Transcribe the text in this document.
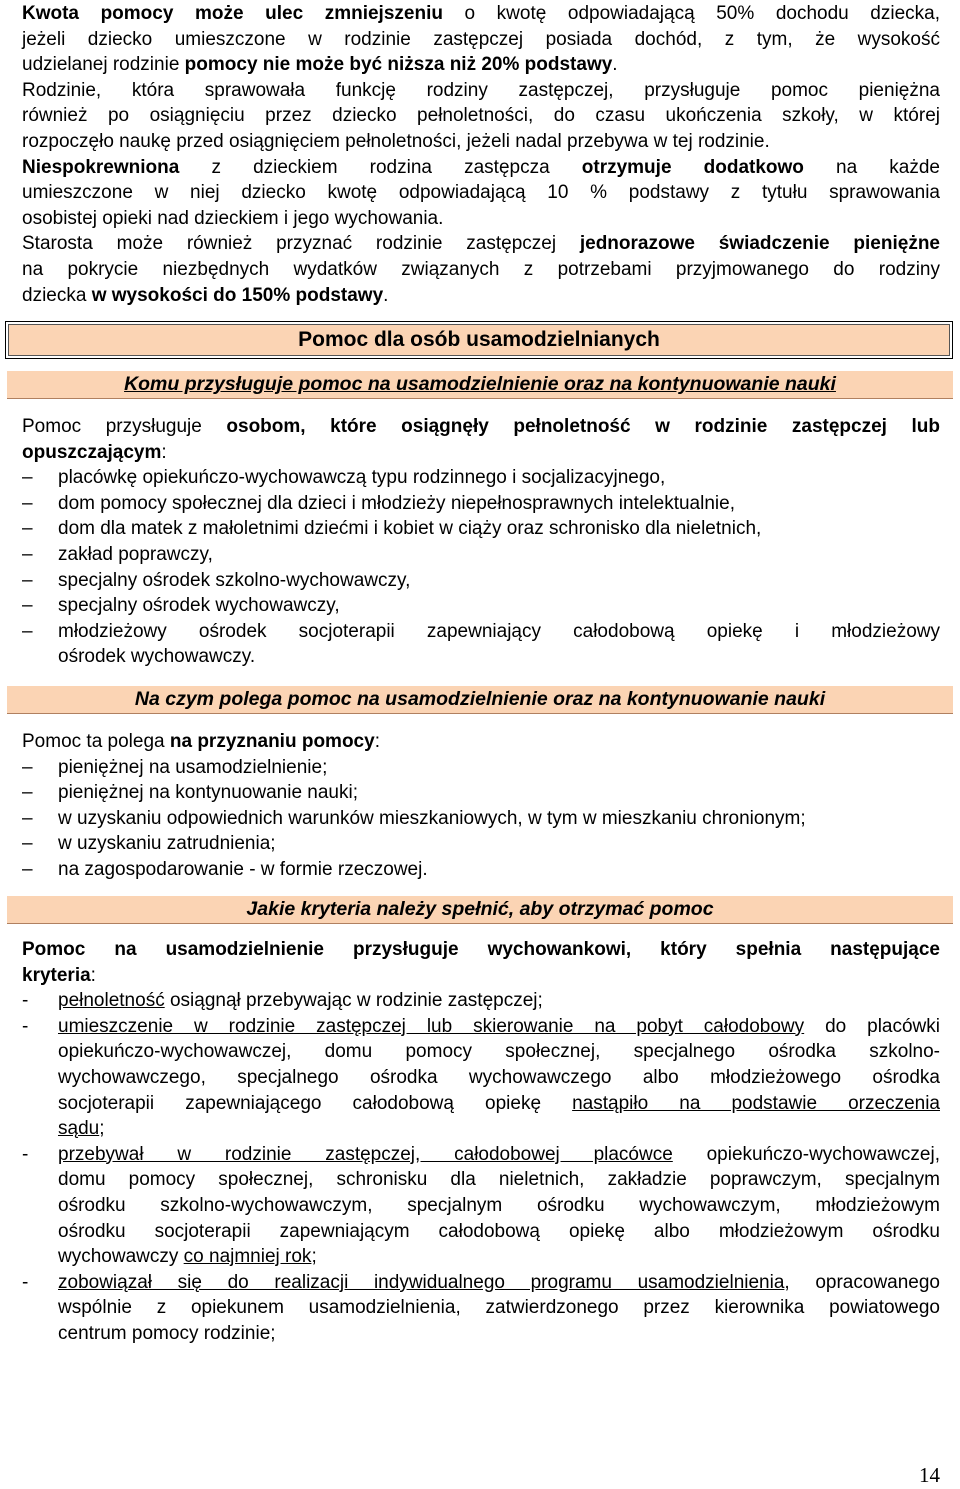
Kwota pomocy może ulec zmniejszeniu o kwotę odpowiadającą 50% dochodu dziecka,

jeżeli dziecko umieszczone w rodzinie zastępczej posiada dochód, z tym, że wysokość

udzielanej rodzinie pomocy nie może być niższa niż 20% podstawy.

Rodzinie, która sprawowała funkcję rodziny zastępczej, przysługuje pomoc pieniężna

również po osiągnięciu przez dziecko pełnoletności, do czasu ukończenia szkoły, w której

rozpoczęło naukę przed osiągnięciem pełnoletności, jeżeli nadal przebywa w tej rodzinie.

Niespokrewniona z dzieckiem rodzina zastępcza otrzymuje dodatkowo na każde

umieszczone w niej dziecko kwotę odpowiadającą 10 % podstawy z tytułu sprawowania

osobistej opieki nad dzieckiem i jego wychowania.

Starosta może również przyznać rodzinie zastępczej jednorazowe świadczenie pieniężne

na pokrycie niezbędnych wydatków związanych z potrzebami przyjmowanego do rodziny

dziecka w wysokości do 150% podstawy.

Pomoc dla osób usamodzielnianych
Komu przysługuje pomoc na usamodzielnienie oraz na kontynuowanie nauki

Pomoc przysługuje osobom, które osiągnęły pełnoletność w rodzinie zastępczej lub

opuszczającym:

–	placówkę opiekuńczo-wychowawczą typu rodzinnego i socjalizacyjnego,
–	dom pomocy społecznej dla dzieci i młodzieży niepełnosprawnych intelektualnie,
–	dom dla matek z małoletnimi dziećmi i kobiet w ciąży oraz schronisko dla nieletnich,
–	zakład poprawczy,
–	specjalny ośrodek szkolno-wychowawczy,
–	specjalny ośrodek wychowawczy,
–	młodzieżowy ośrodek socjoterapii zapewniający całodobową opiekę i młodzieżowy
ośrodek wychowawczy.
Na czym polega pomoc na usamodzielnienie oraz na kontynuowanie nauki

Pomoc ta polega na przyznaniu pomocy:

–	pieniężnej na usamodzielnienie;
–	pieniężnej na kontynuowanie nauki;
–	w uzyskaniu odpowiednich warunków mieszkaniowych, w tym w mieszkaniu chronionym;
–	w uzyskaniu zatrudnienia;
–	na zagospodarowanie - w formie rzeczowej.
Jakie kryteria należy spełnić, aby otrzymać pomoc

Pomoc na usamodzielnienie przysługuje wychowankowi, który spełnia następujące

kryteria:

-	pełnoletność osiągnął przebywając w rodzinie zastępczej;
-	umieszczenie w rodzinie zastępczej lub skierowanie na pobyt całodobowy do placówki
opiekuńczo-wychowawczej, domu pomocy społecznej, specjalnego ośrodka szkolno-
wychowawczego, specjalnego ośrodka wychowawczego albo młodzieżowego ośrodka
socjoterapii zapewniającego całodobową opiekę nastąpiło na podstawie orzeczenia
sądu;
-	przebywał w rodzinie zastępczej, całodobowej placówce opiekuńczo-wychowawczej,
domu pomocy społecznej, schronisku dla nieletnich, zakładzie poprawczym, specjalnym
ośrodku szkolno-wychowawczym, specjalnym ośrodku wychowawczym, młodzieżowym
ośrodku socjoterapii zapewniającym całodobową opiekę albo młodzieżowym ośrodku
wychowawczy co najmniej rok;
-	zobowiązał się do realizacji indywidualnego programu usamodzielnienia, opracowanego
wspólnie z opiekunem usamodzielnienia, zatwierdzonego przez kierownika powiatowego
centrum pomocy rodzinie;
14
